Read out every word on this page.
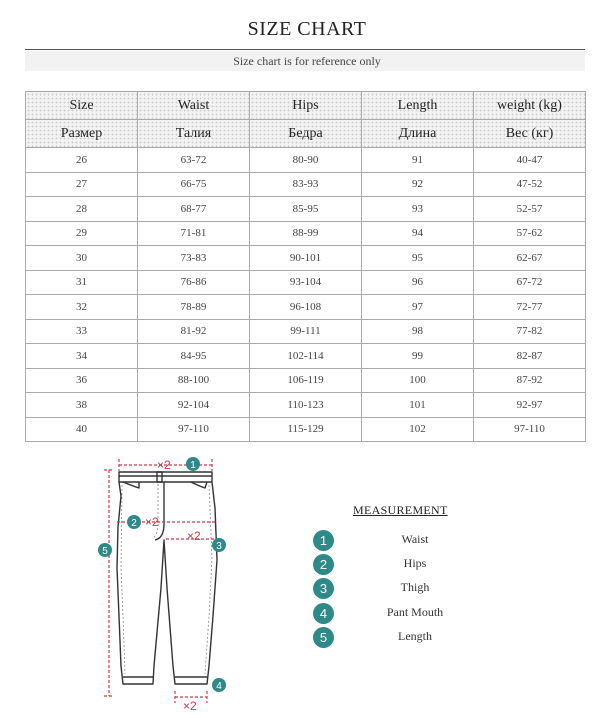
SIZE CHART
Size chart is for reference only
Size	Waist	Hips	Length	weight (kg)
Размер	Талия	Бедра	Длина	Вес (кг)
26	63-72	80-90	91	40-47
27	66-75	83-93	92	47-52
28	68-77	85-95	93	52-57
29	71-81	88-99	94	57-62
30	73-83	90-101	95	62-67
31	76-86	93-104	96	67-72
32	78-89	96-108	97	72-77
33	81-92	99-111	98	77-82
34	84-95	102-114	99	82-87
36	88-100	106-119	100	87-92
38	92-104	110-123	101	92-97
40	97-110	115-129	102	97-110
×2
×2
×2
×2
1
2
3
4
5
MEASUREMENT
1	Waist
2	Hips
3	Thigh
4	Pant Mouth
5	Length
